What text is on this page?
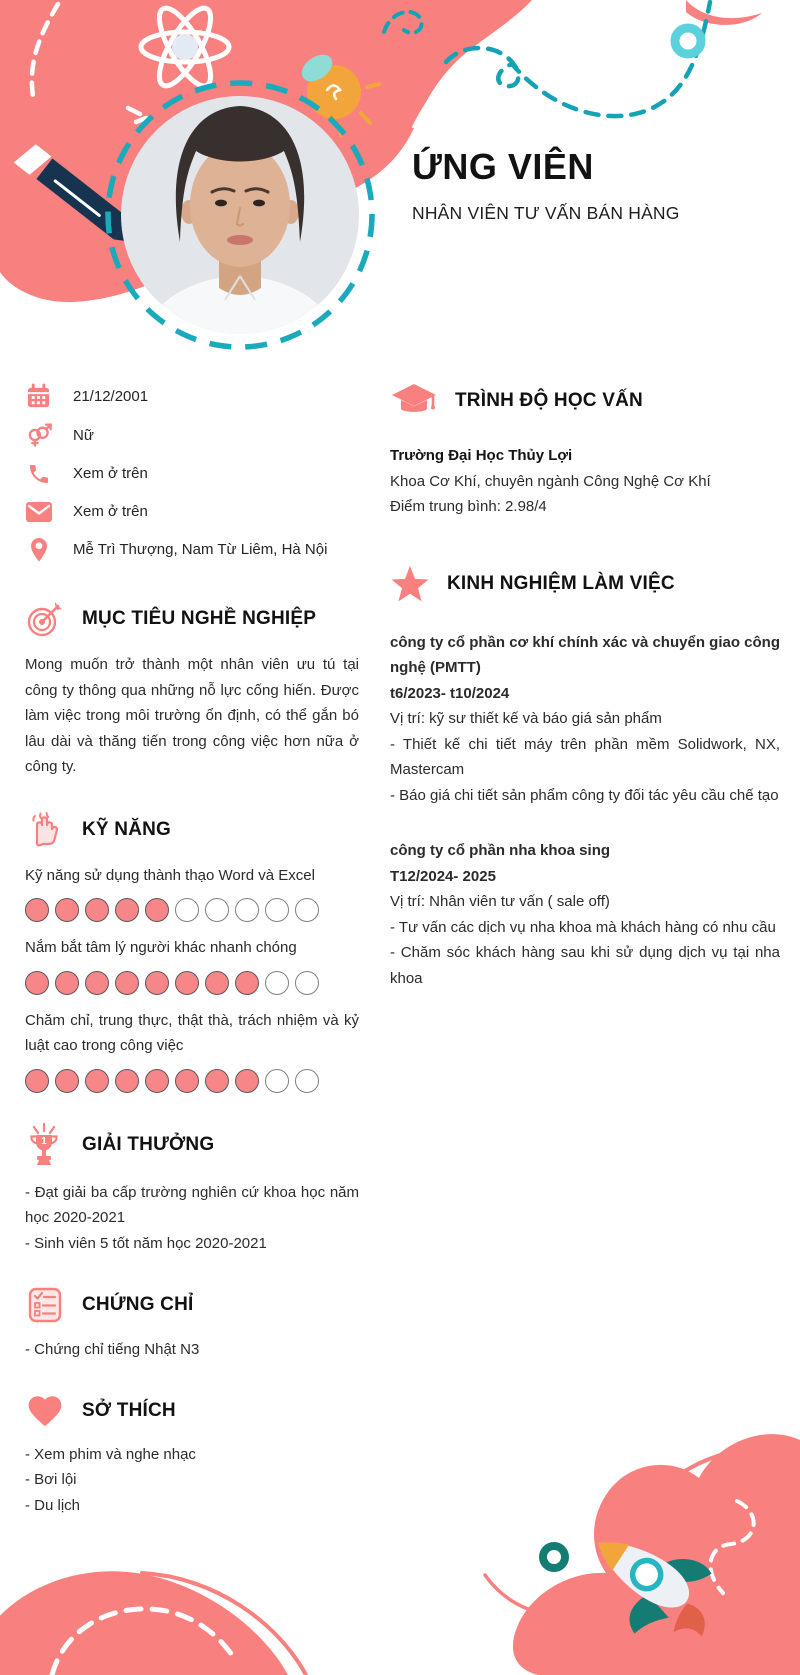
ỨNG VIÊN
NHÂN VIÊN TƯ VẤN BÁN HÀNG
21/12/2001
Nữ
Xem ở trên
Xem ở trên
Mễ Trì Thượng, Nam Từ Liêm, Hà Nội
MỤC TIÊU NGHỀ NGHIỆP
Mong muốn trở thành một nhân viên ưu tú tại công ty thông qua những nỗ lực cống hiến. Được làm việc trong môi trường ổn định, có thể gắn bó lâu dài và thăng tiến trong công việc hơn nữa ở công ty.
KỸ NĂNG
Kỹ năng sử dụng thành thạo Word và Excel
Nắm bắt tâm lý người khác nhanh chóng
Chăm chỉ, trung thực, thật thà, trách nhiệm và kỷ luật cao trong công việc
1 GIẢI THƯỞNG
- Đạt giải ba cấp trường nghiên cứ khoa học năm học 2020-2021
- Sinh viên 5 tốt năm học 2020-2021
CHỨNG CHỈ
- Chứng chỉ tiếng Nhật N3
SỞ THÍCH
- Xem phim và nghe nhạc
- Bơi lội
- Du lịch
TRÌNH ĐỘ HỌC VẤN
Trường Đại Học Thủy Lợi
Khoa Cơ Khí, chuyên ngành Công Nghệ Cơ Khí
Điểm trung bình: 2.98/4
KINH NGHIỆM LÀM VIỆC
công ty cổ phần cơ khí chính xác và chuyển giao công nghệ (PMTT)
t6/2023- t10/2024
Vị trí: kỹ sư thiết kế và báo giá sản phẩm
- Thiết kế chi tiết máy trên phần mềm Solidwork, NX, Mastercam
- Báo giá chi tiết sản phẩm công ty đối tác yêu cầu chế tạo
công ty cổ phần nha khoa sing
T12/2024- 2025
Vị trí: Nhân viên tư vấn ( sale off)
- Tư vấn các dịch vụ nha khoa mà khách hàng có nhu cầu
- Chăm sóc khách hàng sau khi sử dụng dịch vụ tại nha khoa
